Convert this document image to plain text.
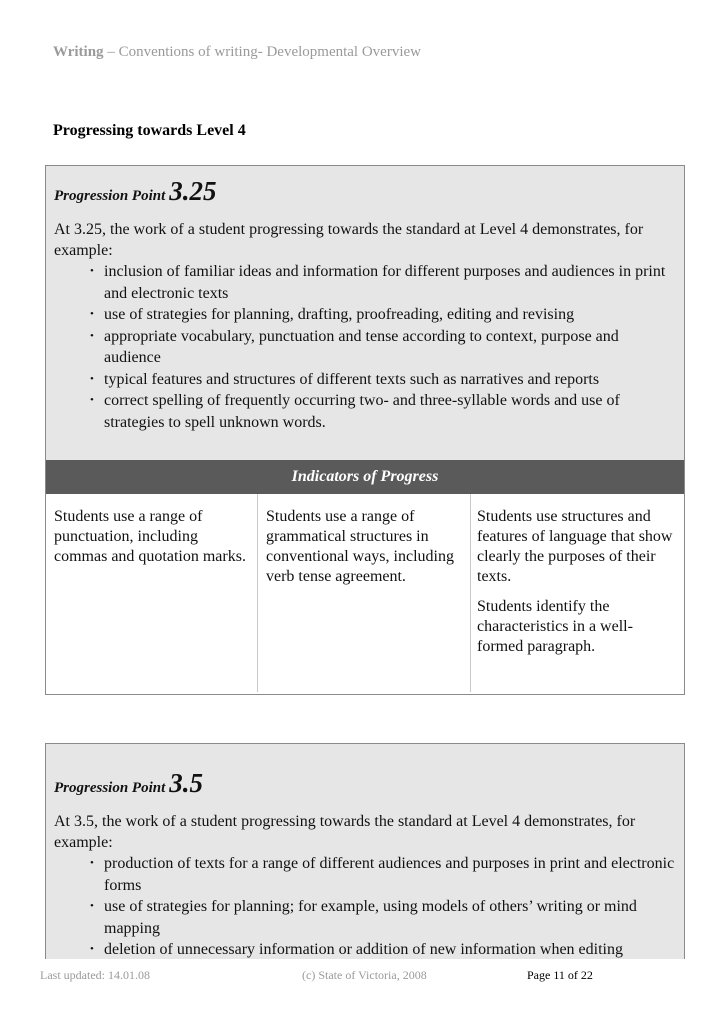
Writing – Conventions of writing- Developmental Overview
Progressing towards Level 4
Progression Point 3.25
At 3.25, the work of a student progressing towards the standard at Level 4 demonstrates, for example:
• inclusion of familiar ideas and information for different purposes and audiences in print and electronic texts
• use of strategies for planning, drafting, proofreading, editing and revising
• appropriate vocabulary, punctuation and tense according to context, purpose and audience
• typical features and structures of different texts such as narratives and reports
• correct spelling of frequently occurring two- and three-syllable words and use of strategies to spell unknown words.
Indicators of Progress

Students use a range of punctuation, including commas and quotation marks.

Students use a range of grammatical structures in conventional ways, including verb tense agreement.

Students use structures and features of language that show clearly the purposes of their texts.

Students identify the characteristics in a well-formed paragraph.

Progression Point 3.5
At 3.5, the work of a student progressing towards the standard at Level 4 demonstrates, for example:
• production of texts for a range of different audiences and purposes in print and electronic forms
• use of strategies for planning; for example, using models of others’ writing or mind mapping
• deletion of unnecessary information or addition of new information when editing
Last updated: 14.01.08	(c) State of Victoria, 2008	Page 11 of 22
